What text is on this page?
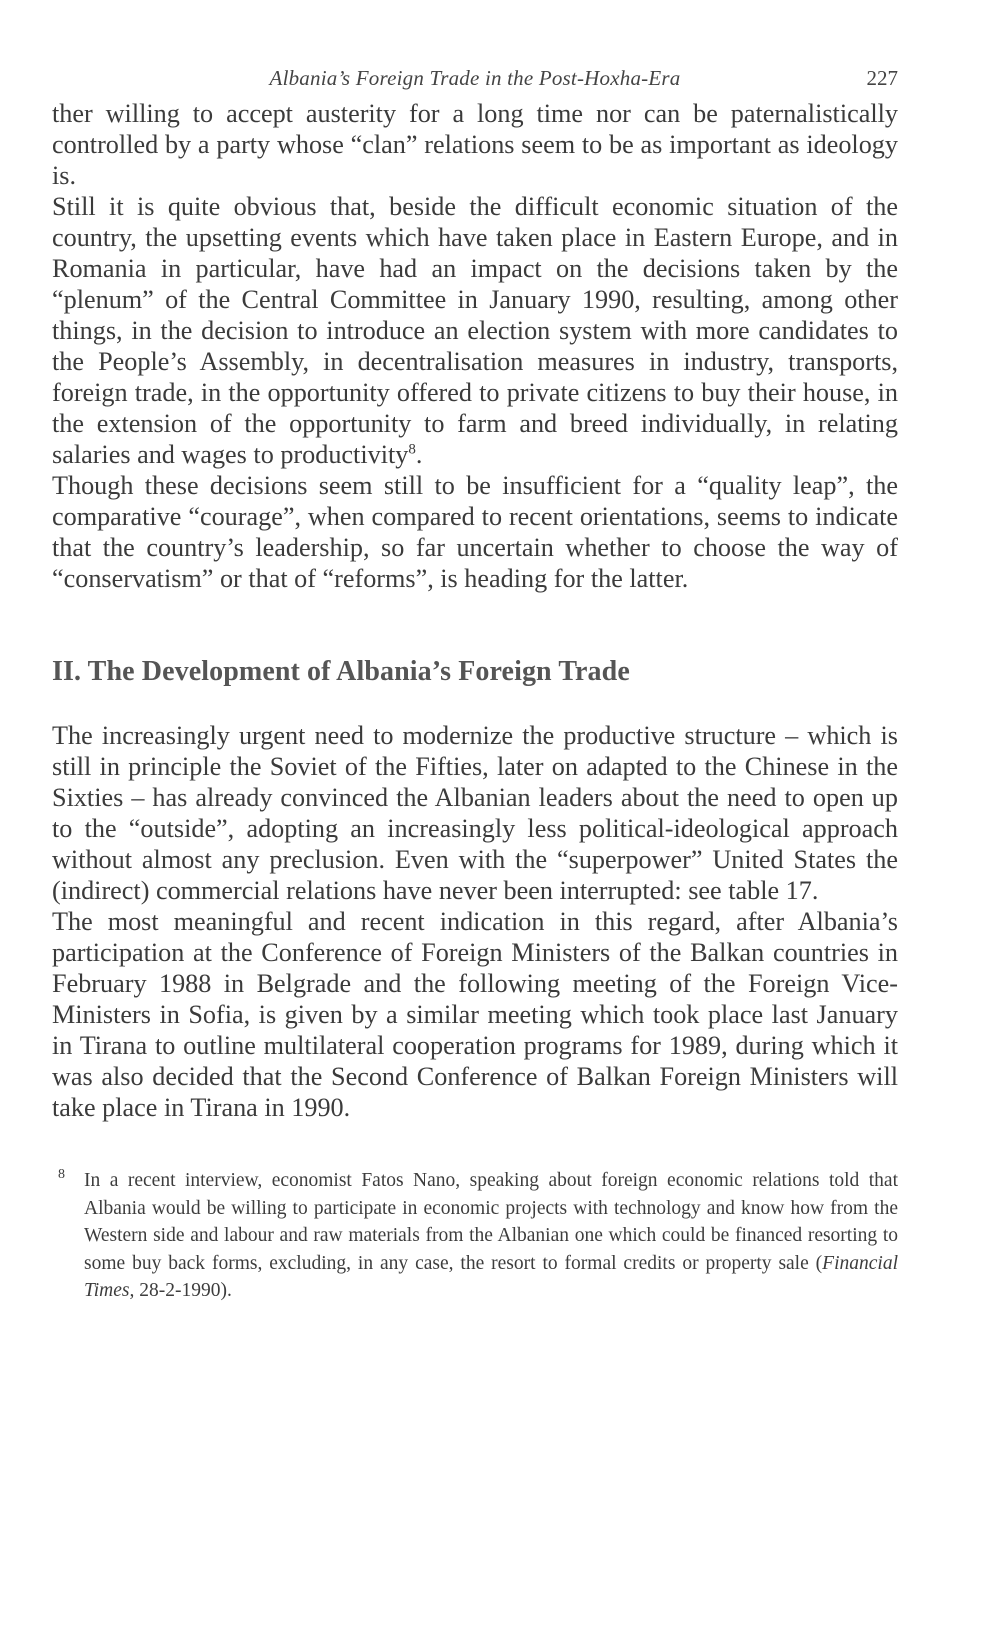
Albania’s Foreign Trade in the Post-Hoxha-Era	227

ther willing to accept austerity for a long time nor can be paternalistically controlled by a party whose “clan” relations seem to be as important as ideology is.

Still it is quite obvious that, beside the difficult economic situation of the country, the upsetting events which have taken place in Eastern Europe, and in Romania in particular, have had an impact on the decisions taken by the “plenum” of the Central Committee in January 1990, resulting, among other things, in the decision to introduce an election system with more candidates to the People’s Assembly, in decentralisation measures in industry, transports, foreign trade, in the opportunity offered to private citizens to buy their house, in the extension of the opportunity to farm and breed individually, in relating salaries and wages to productivity$^8$.

Though these decisions seem still to be insufficient for a “quality leap”, the comparative “courage”, when compared to recent orientations, seems to indicate that the country’s leadership, so far uncertain whether to choose the way of “conservatism” or that of “reforms”, is heading for the latter.

II. The Development of Albania’s Foreign Trade

The increasingly urgent need to modernize the productive structure – which is still in principle the Soviet of the Fifties, later on adapted to the Chinese in the Sixties – has already convinced the Albanian leaders about the need to open up to the “outside”, adopting an increasingly less political-ideological approach without almost any preclusion. Even with the “superpower” United States the (indirect) commercial relations have never been interrupted: see table 17.

The most meaningful and recent indication in this regard, after Albania’s participation at the Conference of Foreign Ministers of the Balkan countries in February 1988 in Belgrade and the following meeting of the Foreign Vice-Ministers in Sofia, is given by a similar meeting which took place last January in Tirana to outline multilateral cooperation programs for 1989, during which it was also decided that the Second Conference of Balkan Foreign Ministers will take place in Tirana in 1990.

8 In a recent interview, economist Fatos Nano, speaking about foreign economic relations told that Albania would be willing to participate in economic projects with technology and know how from the Western side and labour and raw materials from the Albanian one which could be financed resorting to some buy back forms, excluding, in any case, the resort to formal credits or property sale (Financial Times, 28-2-1990).
